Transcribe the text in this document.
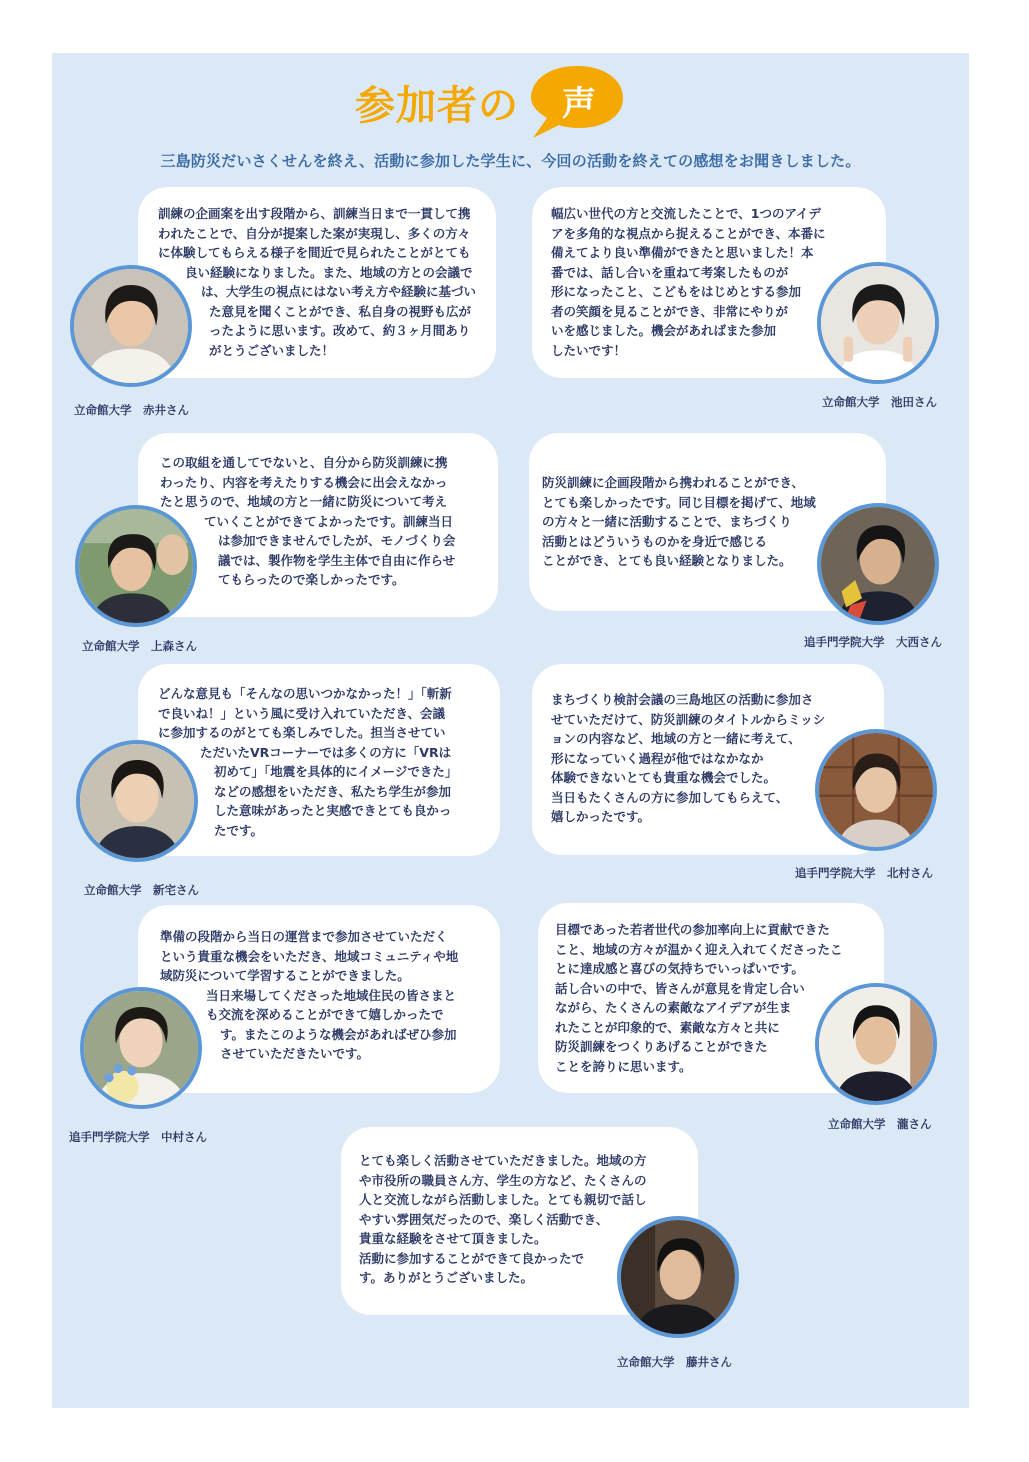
参加者の	声
三島防災だいさくせんを終え、活動に参加した学生に、今回の活動を終えての感想をお聞きしました。
訓練の企画案を出す段階から、訓練当日まで一貫して携
われたことで、自分が提案した案が実現し、多くの方々
に体験してもらえる様子を間近で見られたことがとても
良い経験になりました。また、地域の方との会議で
は、大学生の視点にはない考え方や経験に基づい
た意見を聞くことができ、私自身の視野も広が
ったように思います。改めて、約３ヶ月間あり
がとうございました！
立命館大学　赤井さん
幅広い世代の方と交流したことで、1つのアイデ
アを多角的な視点から捉えることができ、本番に
備えてより良い準備ができたと思いました！本
番では、話し合いを重ねて考案したものが
形になったこと、こどもをはじめとする参加
者の笑顔を見ることができ、非常にやりが
いを感じました。機会があればまた参加
したいです！
立命館大学　池田さん
この取組を通してでないと、自分から防災訓練に携
わったり、内容を考えたりする機会に出会えなかっ
たと思うので、地域の方と一緒に防災について考え
ていくことができてよかったです。訓練当日
は参加できませんでしたが、モノづくり会
議では、製作物を学生主体で自由に作らせ
てもらったので楽しかったです。
立命館大学　上森さん
防災訓練に企画段階から携われることができ、
とても楽しかったです。同じ目標を掲げて、地域
の方々と一緒に活動することで、まちづくり
活動とはどういうものかを身近で感じる
ことができ、とても良い経験となりました。
追手門学院大学　大西さん
どんな意見も「そんなの思いつかなかった！」「斬新
で良いね！」という風に受け入れていただき、会議
に参加するのがとても楽しみでした。担当させてい
ただいたVRコーナーでは多くの方に「VRは
初めて」「地震を具体的にイメージできた」
などの感想をいただき、私たち学生が参加
した意味があったと実感できとても良かっ
たです。
立命館大学　新宅さん
まちづくり検討会議の三島地区の活動に参加さ
せていただけて、防災訓練のタイトルからミッシ
ョンの内容など、地域の方と一緒に考えて、
形になっていく過程が他ではなかなか
体験できないとても貴重な機会でした。
当日もたくさんの方に参加してもらえて、
嬉しかったです。
追手門学院大学　北村さん
準備の段階から当日の運営まで参加させていただく
という貴重な機会をいただき、地域コミュニティや地
域防災について学習することができました。
当日来場してくださった地域住民の皆さまと
も交流を深めることができて嬉しかったで
す。またこのような機会があればぜひ参加
させていただきたいです。
追手門学院大学　中村さん
目標であった若者世代の参加率向上に貢献できた
こと、地域の方々が温かく迎え入れてくださったこ
とに達成感と喜びの気持ちでいっぱいです。
話し合いの中で、皆さんが意見を肯定し合い
ながら、たくさんの素敵なアイデアが生ま
れたことが印象的で、素敵な方々と共に
防災訓練をつくりあげることができた
ことを誇りに思います。
立命館大学　瀧さん
とても楽しく活動させていただきました。地域の方
や市役所の職員さん方、学生の方など、たくさんの
人と交流しながら活動しました。とても親切で話し
やすい雰囲気だったので、楽しく活動でき、
貴重な経験をさせて頂きました。
活動に参加することができて良かったで
す。ありがとうございました。
立命館大学　藤井さん
